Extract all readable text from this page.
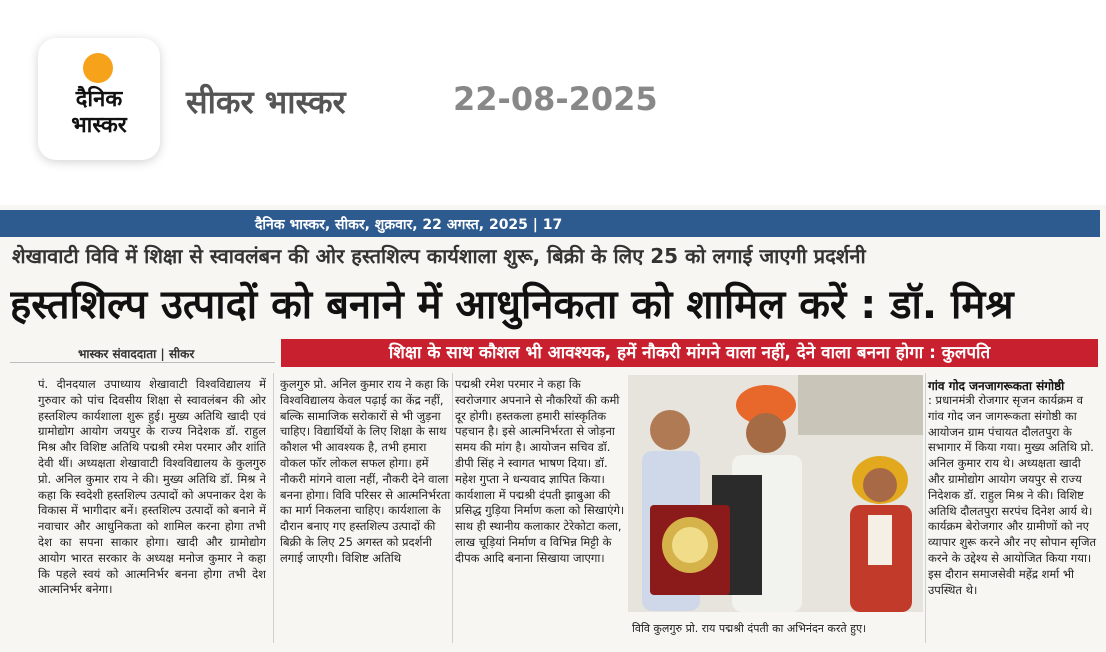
दैनिक
भास्कर
सीकर भास्कर	22-08-2025
दैनिक भास्कर, सीकर, शुक्रवार, 22 अगस्त, 2025 | 17
शेखावाटी विवि में शिक्षा से स्वावलंबन की ओर हस्तशिल्प कार्यशाला शुरू, बिक्री के लिए 25 को लगाई जाएगी प्रदर्शनी
हस्तशिल्प उत्पादों को बनाने में आधुनिकता को शामिल करें : डॉ. मिश्र
भास्कर संवाददाता | सीकर	शिक्षा के साथ कौशल भी आवश्यक, हमें नौकरी मांगने वाला नहीं, देने वाला बनना होगा : कुलपति
पं. दीनदयाल उपाध्याय शेखावाटी विश्वविद्यालय में गुरुवार को पांच दिवसीय शिक्षा से स्वावलंबन की ओर हस्तशिल्प कार्यशाला शुरू हुई। मुख्य अतिथि खादी एवं ग्रामोद्योग आयोग जयपुर के राज्य निदेशक डॉ. राहुल मिश्र और विशिष्ट अतिथि पद्मश्री रमेश परमार और शांति देवी थीं। अध्यक्षता शेखावाटी विश्वविद्यालय के कुलगुरु प्रो. अनिल कुमार राय ने की। मुख्य अतिथि डॉ. मिश्र ने कहा कि स्वदेशी हस्तशिल्प उत्पादों को अपनाकर देश के विकास में भागीदार बनें। हस्तशिल्प उत्पादों को बनाने में नवाचार और आधुनिकता को शामिल करना होगा तभी देश का सपना साकार होगा। खादी और ग्रामोद्योग आयोग भारत सरकार के अध्यक्ष मनोज कुमार ने कहा कि पहले स्वयं को आत्मनिर्भर बनना होगा तभी देश आत्मनिर्भर बनेगा।
कुलगुरु प्रो. अनिल कुमार राय ने कहा कि विश्वविद्यालय केवल पढ़ाई का केंद्र नहीं, बल्कि सामाजिक सरोकारों से भी जुड़ना चाहिए। विद्यार्थियों के लिए शिक्षा के साथ कौशल भी आवश्यक है, तभी हमारा वोकल फॉर लोकल सफल होगा। हमें नौकरी मांगने वाला नहीं, नौकरी देने वाला बनना होगा। विवि परिसर से आत्मनिर्भरता का मार्ग निकलना चाहिए। कार्यशाला के दौरान बनाए गए हस्तशिल्प उत्पादों की बिक्री के लिए 25 अगस्त को प्रदर्शनी लगाई जाएगी। विशिष्ट अतिथि
पद्मश्री रमेश परमार ने कहा कि स्वरोजगार अपनाने से नौकरियों की कमी दूर होगी। हस्तकला हमारी सांस्कृतिक पहचान है। इसे आत्मनिर्भरता से जोड़ना समय की मांग है। आयोजन सचिव डॉ. डीपी सिंह ने स्वागत भाषण दिया। डॉ. महेश गुप्ता ने धन्यवाद ज्ञापित किया। कार्यशाला में पद्मश्री दंपती झाबुआ की प्रसिद्ध गुड़िया निर्माण कला को सिखाएंगे। साथ ही स्थानीय कलाकार टेरेकोटा कला, लाख चूड़ियां निर्माण व विभिन्न मिट्टी के दीपक आदि बनाना सिखाया जाएगा।
विवि कुलगुरु प्रो. राय पद्मश्री दंपती का अभिनंदन करते हुए।
गांव गोद जनजागरूकता संगोष्ठी
: प्रधानमंत्री रोजगार सृजन कार्यक्रम व गांव गोद जन जागरूकता संगोष्ठी का आयोजन ग्राम पंचायत दौलतपुरा के सभागार में किया गया। मुख्य अतिथि प्रो. अनिल कुमार राय थे। अध्यक्षता खादी और ग्रामोद्योग आयोग जयपुर से राज्य निदेशक डॉ. राहुल मिश्र ने की। विशिष्ट अतिथि दौलतपुरा सरपंच दिनेश आर्य थे। कार्यक्रम बेरोजगार और ग्रामीणों को नए व्यापार शुरू करने और नए सोपान सृजित करने के उद्देश्य से आयोजित किया गया। इस दौरान समाजसेवी महेंद्र शर्मा भी उपस्थित थे।
